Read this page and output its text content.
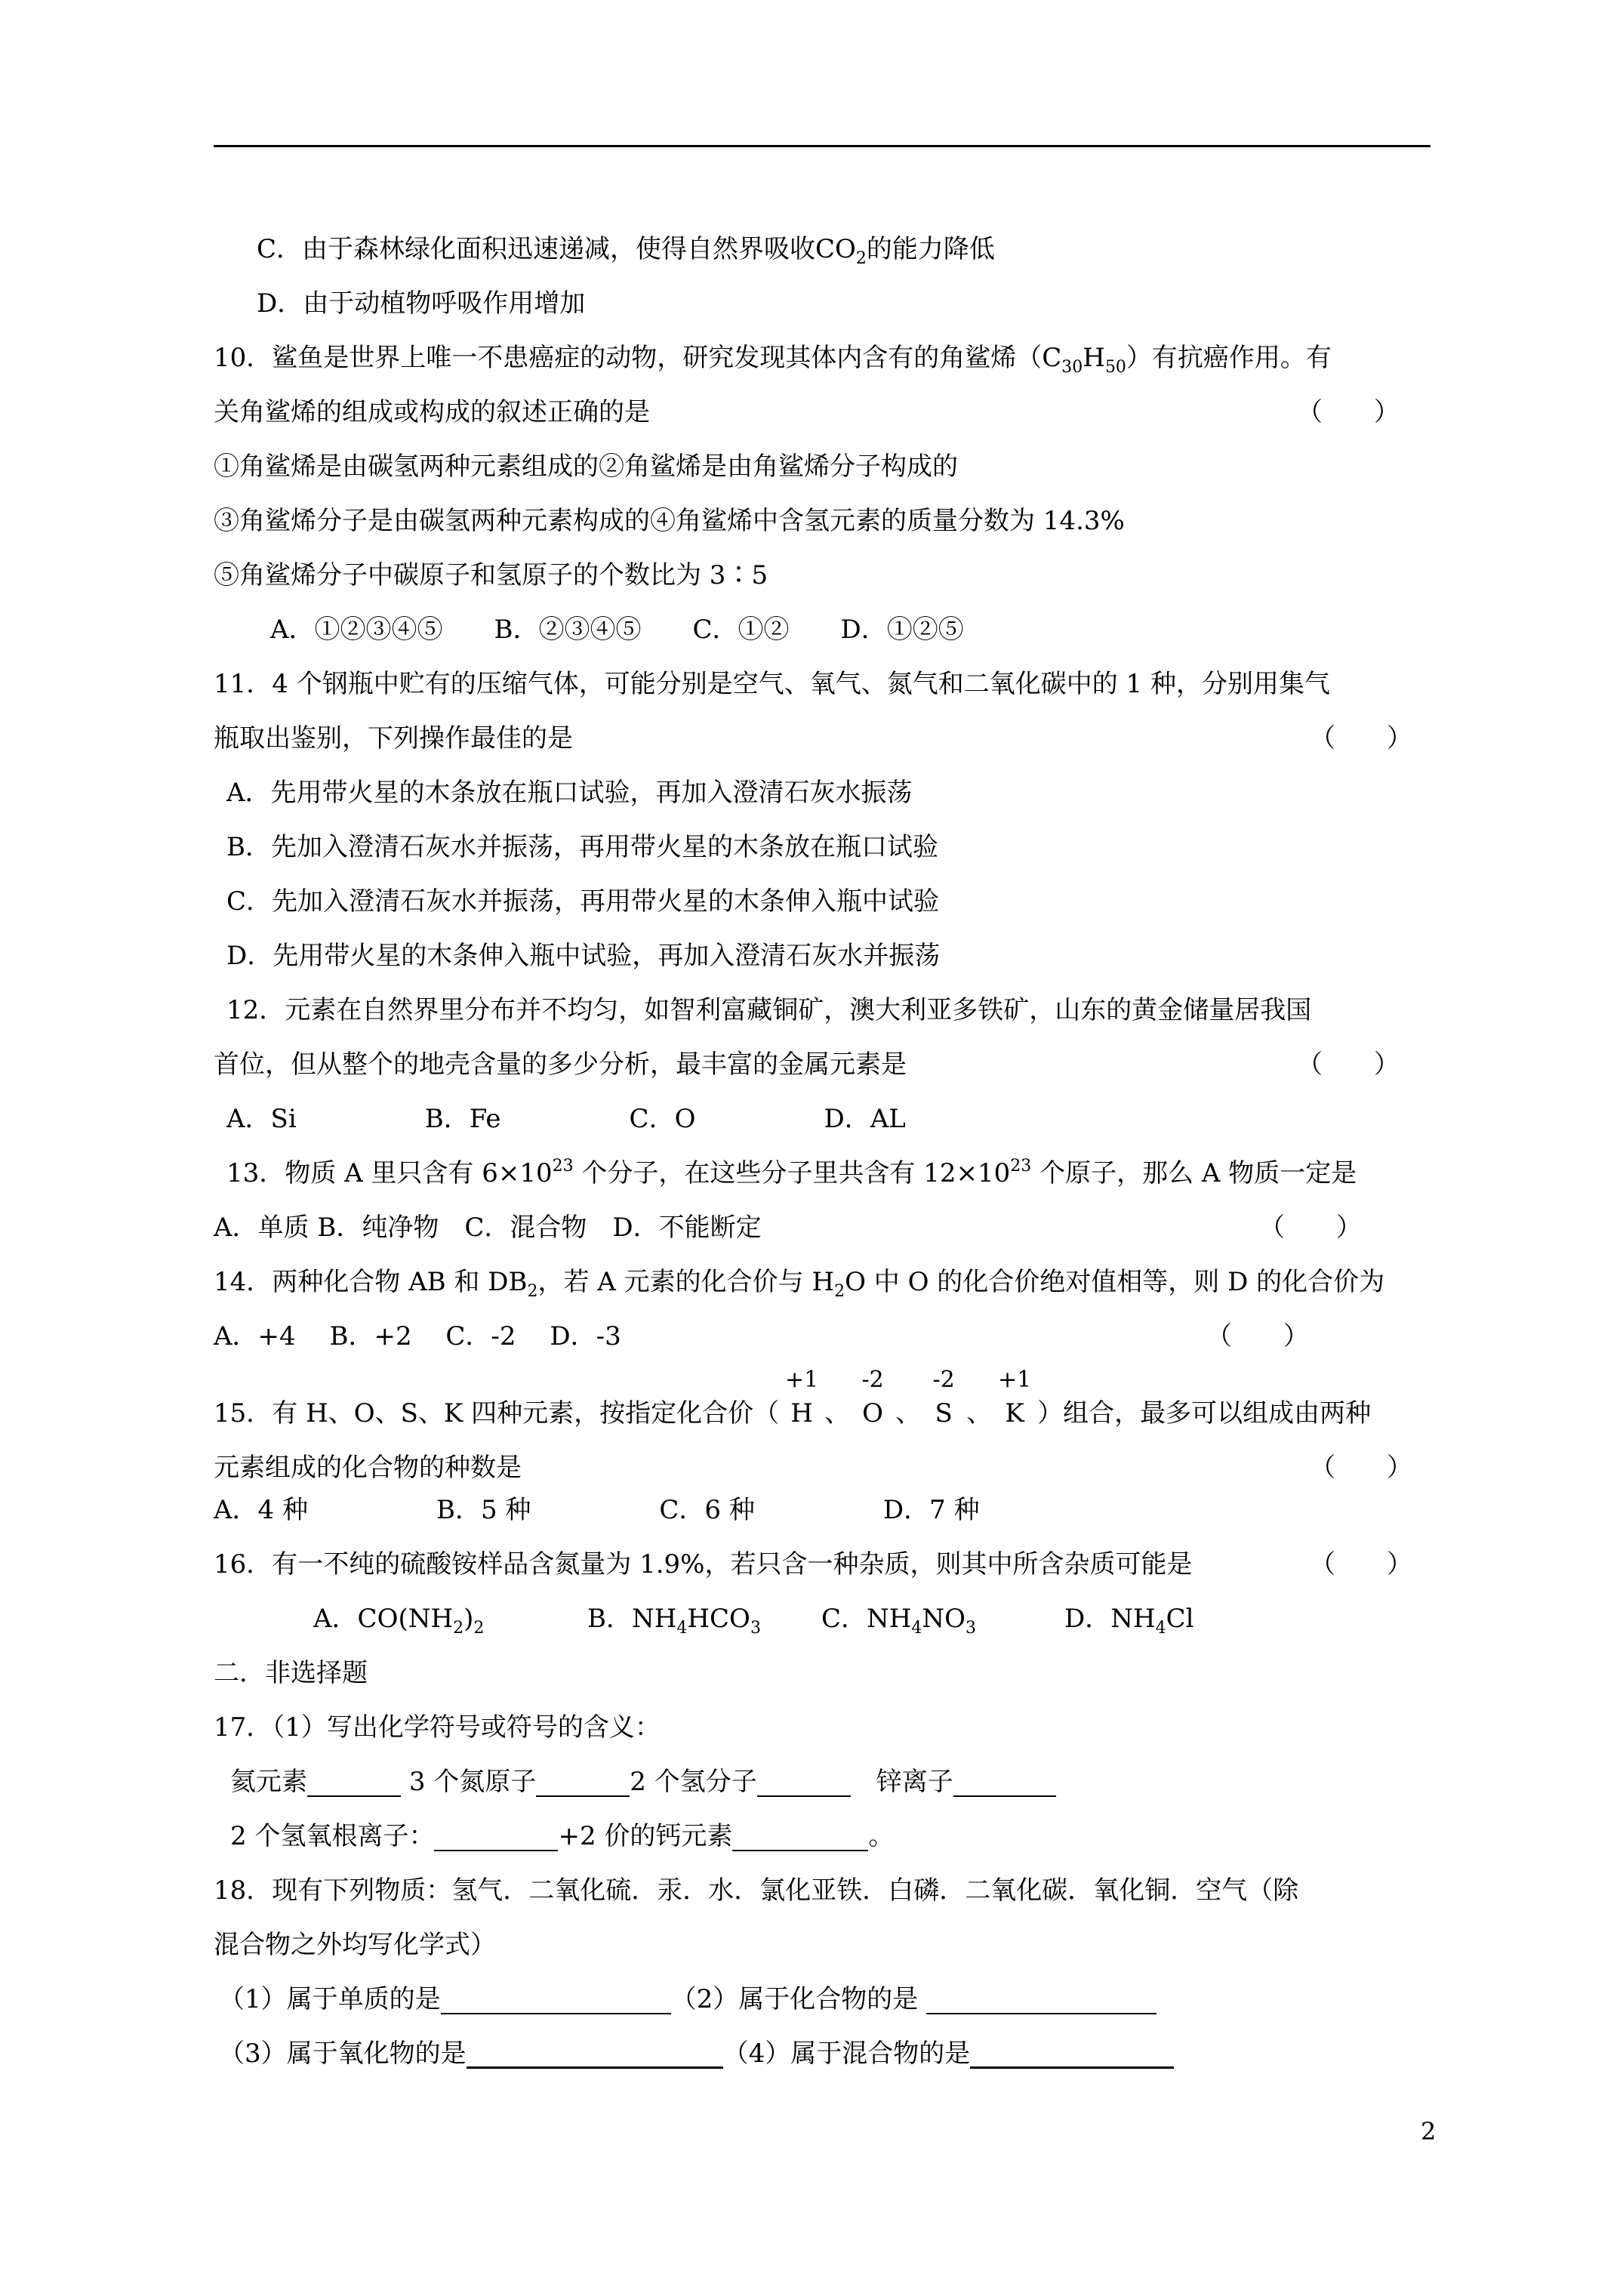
C．由于森林绿化面积迅速递减，使得自然界吸收$CO_2$的能力降低
D．由于动植物呼吸作用增加
10．鲨鱼是世界上唯一不患癌症的动物，研究发现其体内含有的角鲨烯$(C_{30}H_{50})$有抗癌作用。有
关角鲨烯的组成或构成的叙述正确的是	（　　）
①角鲨烯是由碳氢两种元素组成的②角鲨烯是由角鲨烯分子构成的
③角鲨烯分子是由碳氢两种元素构成的④角鲨烯中含氢元素的质量分数为 14.3%
⑤角鲨烯分子中碳原子和氢原子的个数比为 3∶5
A．①②③④⑤　　B．②③④⑤　　C．①②　　D．①②⑤
11．4 个钢瓶中贮有的压缩气体，可能分别是空气、氧气、氮气和二氧化碳中的 1 种，分别用集气
瓶取出鉴别，下列操作最佳的是	（　　）
A．先用带火星的木条放在瓶口试验，再加入澄清石灰水振荡
B．先加入澄清石灰水并振荡，再用带火星的木条放在瓶口试验
C．先加入澄清石灰水并振荡，再用带火星的木条伸入瓶中试验
D．先用带火星的木条伸入瓶中试验，再加入澄清石灰水并振荡
12．元素在自然界里分布并不均匀，如智利富藏铜矿，澳大利亚多铁矿，山东的黄金储量居我国
首位，但从整个的地壳含量的多少分析，最丰富的金属元素是	（　　）
A．Si　　　　　B．Fe　　　　　C．O　　　　　D．AL
13．物质 A 里只含有 $6\times 10^{23}$ 个分子，在这些分子里共含有 $12\times 10^{23}$ 个原子，那么 A 物质一定是
A．单质 B．纯净物　C．混合物　D．不能断定	（　　）
14．两种化合物 AB 和 $DB_2$，若 A 元素的化合价与 $H_2O$ 中 O 的化合价绝对值相等，则 D 的化合价为
A．+4　 B．+2　 C．-2　 D．-3	（　　）
15．有 H、O、S、K 四种元素，按指定化合价（
+1
H 、
-2
O 、
-2
S 、
+1
K ）组合，最多可以组成由两种
元素组成的化合物的种数是	（　　）
A．4 种　　　　　B．5 种　　　　　C．6 种　　　　　D．7 种
16．有一不纯的硫酸铵样品含氮量为 1.9%，若只含一种杂质，则其中所含杂质可能是	（　　）
A．$CO(NH_2)_2$	B．$NH_4HCO_3$ C．$NH_4NO_3$	D．$NH_4Cl$
二．非选择题
17．（1）写出化学符号或符号的含义：
氦元素	3 个氮原子	2 个氢分子　	锌离子
2 个氢氧根离子：	+2 价的钙元素	。
18．现有下列物质：氢气．二氧化硫．汞．水．氯化亚铁．白磷．二氧化碳．氧化铜．空气（除
混合物之外均写化学式）
（1）属于单质的是	（2）属于化合物的是
（3）属于氧化物的是	（4）属于混合物的是
2
